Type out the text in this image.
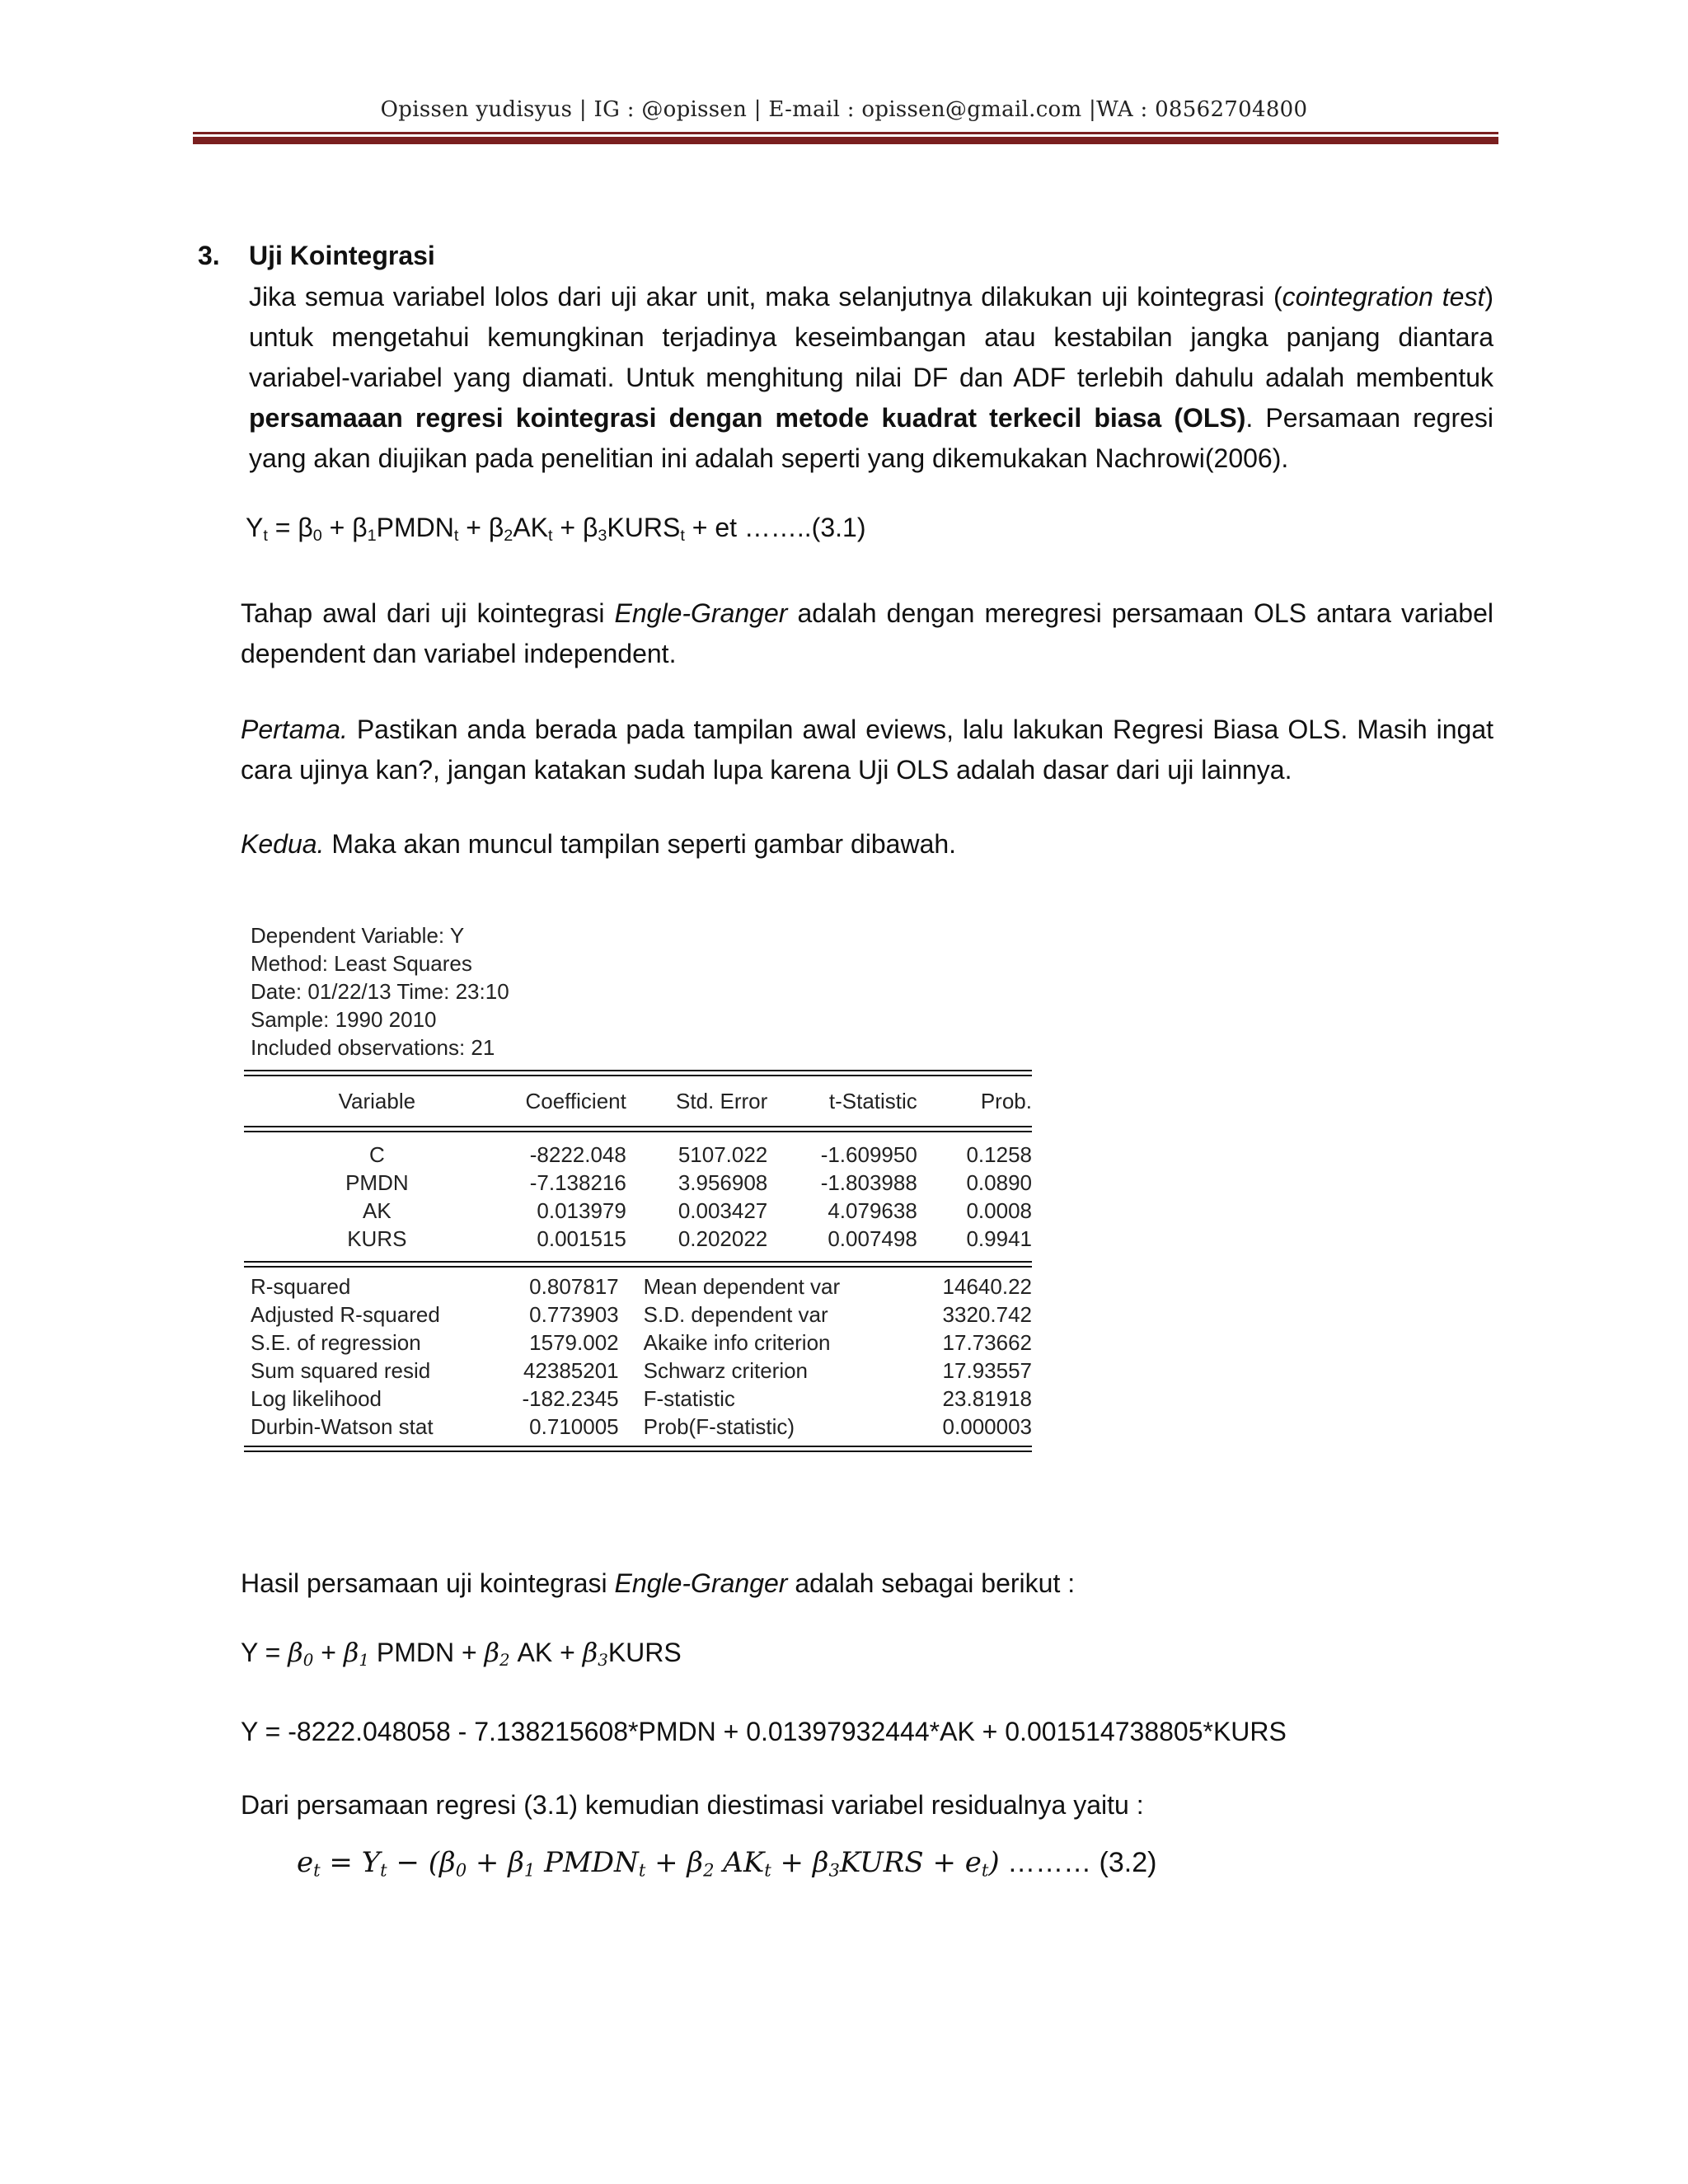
Opissen yudisyus | IG : @opissen | E-mail : opissen@gmail.com |WA : 08562704800
3. Uji Kointegrasi
Jika semua variabel lolos dari uji akar unit, maka selanjutnya dilakukan uji kointegrasi (cointegration test) untuk mengetahui kemungkinan terjadinya keseimbangan atau kestabilan jangka panjang diantara variabel-variabel yang diamati. Untuk menghitung nilai DF dan ADF terlebih dahulu adalah membentuk persamaaan regresi kointegrasi dengan metode kuadrat terkecil biasa (OLS). Persamaan regresi yang akan diujikan pada penelitian ini adalah seperti yang dikemukakan Nachrowi(2006).
$Y_t = \beta_0$ + $\beta_1PMDN_t + \beta_2AK_t$ + $\beta_3KURS_t$ + et ……..(3.1)
Tahap awal dari uji kointegrasi Engle-Granger adalah dengan meregresi persamaan OLS antara variabel dependent dan variabel independent.
Pertama. Pastikan anda berada pada tampilan awal eviews, lalu lakukan Regresi Biasa OLS. Masih ingat cara ujinya kan?, jangan katakan sudah lupa karena Uji OLS adalah dasar dari uji lainnya.
Kedua. Maka akan muncul tampilan seperti gambar dibawah.
Dependent Variable: Y
Method: Least Squares
Date: 01/22/13 Time: 23:10
Sample: 1990 2010
Included observations: 21
Variable	Coefficient	Std. Error	t-Statistic	Prob.
C	-8222.048	5107.022	-1.609950	0.1258
PMDN	-7.138216	3.956908	-1.803988	0.0890
AK	0.013979	0.003427	4.079638	0.0008
KURS	0.001515	0.202022	0.007498	0.9941
R-squared	0.807817	Mean dependent var	14640.22
Adjusted R-squared	0.773903	S.D. dependent var	3320.742
S.E. of regression	1579.002	Akaike info criterion	17.73662
Sum squared resid	42385201	Schwarz criterion	17.93557
Log likelihood	-182.2345	F-statistic	23.81918
Durbin-Watson stat	0.710005	Prob(F-statistic)	0.000003
Hasil persamaan uji kointegrasi Engle-Granger adalah sebagai berikut :
$Y = \beta_0 + \beta_1$ PMDN + $\beta_2$ AK + $\beta_3KURS$
Y = -8222.048058 - 7.138215608*PMDN + 0.01397932444*AK + 0.001514738805*KURS
Dari persamaan regresi (3.1) kemudian diestimasi variabel residualnya yaitu :
$e_t = Y_t - (\beta_0 + \beta_1$ $PMDN_t + \beta_2$ $AK_t$ + $\beta_3KURS + e_t$) ……… (3.2)
